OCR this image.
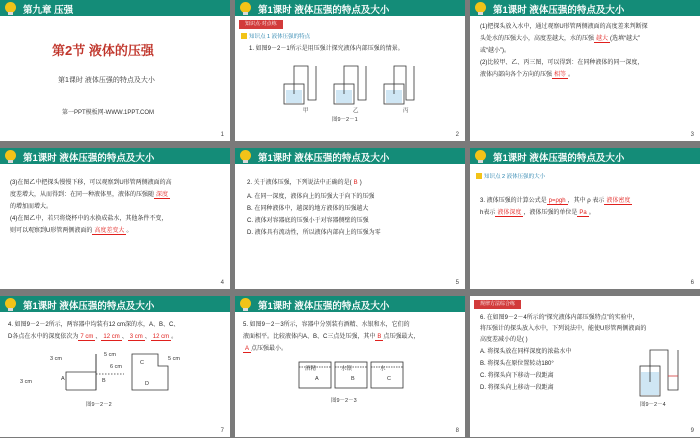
第九章 压强
第2节 液体的压强
第1课时 液体压强的特点及大小
第一PPT模板网-WWW.1PPT.COM
1
第1课时 液体压强的特点及大小
知识点·对点练
知识点 1 液体压强的特点
1. 如图9－2－1所示是用压强计探究液体内部压强的情景。
甲	乙	丙
图9－2－1
2
第1课时 液体压强的特点及大小
(1)把探头放入水中，通过观察U形管两侧液面的高度差来判断探
头处水的压强大小，高度差越大，水的压强 越大 (选填“越大”
或“越小”)。
(2)比较甲、乙、丙三图，可以得到：在同种液体的同一深度，
液体内部向各个方向的压强 相等 。
3
第1课时 液体压强的特点及大小
(3)在图乙中把探头慢慢下移，可以观察到U形管两侧液面的高
度差增大，从而得到：在同一种液体里，液体的压强随 深度
的增加而增大。
(4)在图乙中，若只将烧杯中的水换成盐水，其他条件不变，
则可以观察到U形管两侧液面的 高度差变大 。
4
第1课时 液体压强的特点及大小
2. 关于液体压强，下列说法中正确的是( B )
A. 在同一深度，液体向上的压强大于向下的压强
B. 在同种液体中，越深的地方液体的压强越大
C. 液体对容器底的压强小于对容器侧壁的压强
D. 液体具有流动性，所以液体内部向上的压强为零
5
第1课时 液体压强的特点及大小
知识点 2 液体压强的大小
3. 液体压强的计算公式是 p=ρgh ，其中 ρ 表示 液体密度
h表示 液体深度 ，液体压强的单位是 Pa 。
6
第1课时 液体压强的特点及大小
4. 如图9－2－2所示，两容器中均装有12 cm深的水，A、B、C、
D各点在水中的深度依次为 7 cm 、 12 cm 、 3 cm 、 12 cm 。
A	B
C
D
3 cm
5 cm
6 cm
5 cm
3 cm
图9－2－2
7
第1课时 液体压强的特点及大小
5. 如图9－2－3所示，容器中分别装有酒精、水银和水，它们的
液面相平。比较液体内A、B、C三点处压强，其中 B 点压强最大，
A 点压强最小。
酒精	水银	水
A	B	C
图9－2－3
8
规律方法综合练
6. 在如图9－2－4所示的“探究液体内部压强特点”的实验中，
将压强计的探头放入水中，下列说法中，能使U形管两侧液面的
高度差减小的是( )
A. 将探头放在同样深度的浓盐水中
B. 将探头在原位置转动180°
C. 将探头向下移动一段距离
D. 将探头向上移动一段距离
图9－2－4
9
